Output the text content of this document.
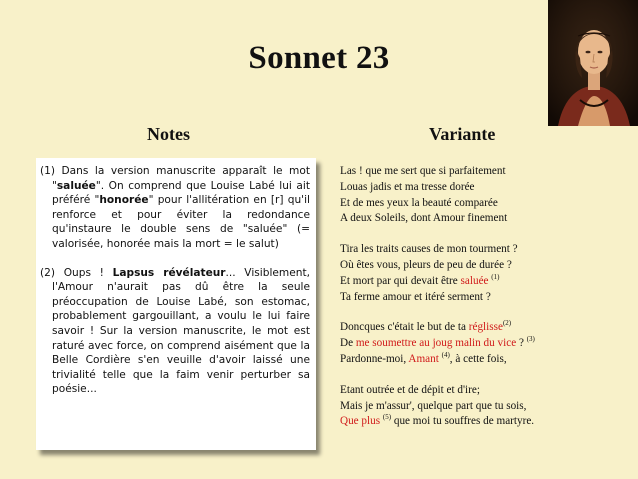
Sonnet 23
Notes	Variante

(1) Dans la version manuscrite apparaît le mot "saluée". On comprend que Louise Labé lui ait préféré "honorée" pour l'allitération en [r] qu'il renforce et pour éviter la redondance qu'instaure le double sens de "saluée" (= valorisée, honorée mais la mort = le salut)

(2) Oups ! Lapsus révélateur... Visiblement, l'Amour n'aurait pas dû être la seule préoccupation de Louise Labé, son estomac, probablement gargouillant, a voulu le lui faire savoir ! Sur la version manuscrite, le mot est raturé avec force, on comprend aisément que la Belle Cordière s'en veuille d'avoir laissé une trivialité telle que la faim venir perturber sa poésie...

Las ! que me sert que si parfaitement
Louas jadis et ma tresse dorée
Et de mes yeux la beauté comparée
A deux Soleils, dont Amour finement
Tira les traits causes de mon tourment ?
Où êtes vous, pleurs de peu de durée ?
Et mort par qui devait être saluée $^{(1)}$
Ta ferme amour et itéré serment ?
Doncques c'était le but de ta réglisse$^{(2)}$
De me soumettre au joug malin du vice ? $^{(3)}$
Pardonne-moi, Amant $^{(4)}$, à cette fois,
Etant outrée et de dépit et d'ire;
Mais je m'assur', quelque part que tu sois,
Que plus $^{(5)}$ que moi tu souffres de martyre.
